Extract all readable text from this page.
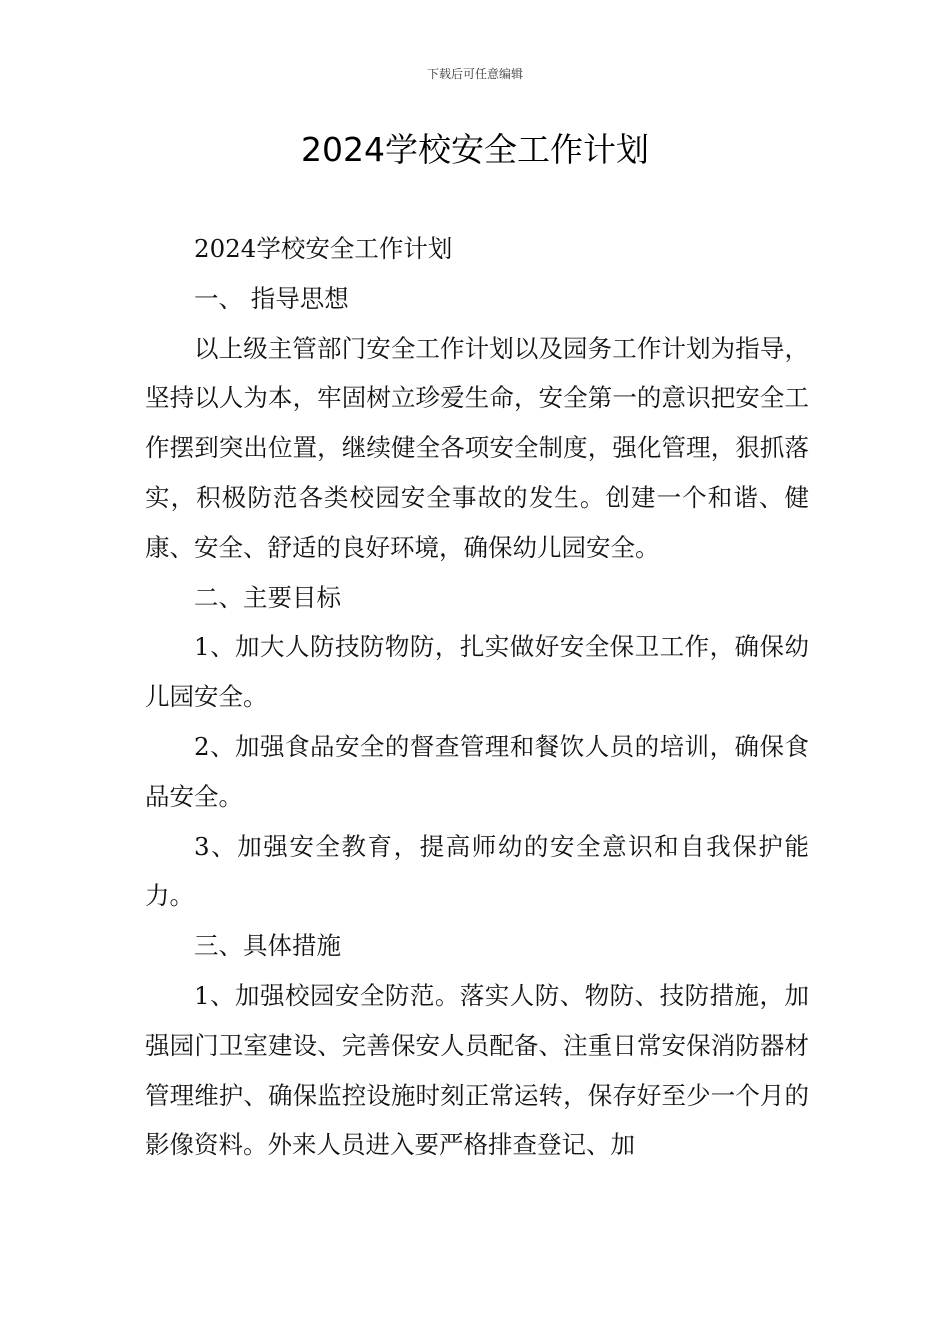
下载后可任意编辑
2024学校安全工作计划

2024学校安全工作计划

一、 指导思想

以上级主管部门安全工作计划以及园务工作计划为指导，坚持以人为本，牢固树立珍爱生命，安全第一的意识把安全工作摆到突出位置，继续健全各项安全制度，强化管理，狠抓落实，积极防范各类校园安全事故的发生。创建一个和谐、健康、安全、舒适的良好环境，确保幼儿园安全。

二、主要目标

1、加大人防技防物防，扎实做好安全保卫工作，确保幼儿园安全。

2、加强食品安全的督查管理和餐饮人员的培训，确保食品安全。

3、加强安全教育，提高师幼的安全意识和自我保护能力。

三、具体措施

1、加强校园安全防范。落实人防、物防、技防措施，加强园门卫室建设、完善保安人员配备、注重日常安保消防器材管理维护、确保监控设施时刻正常运转，保存好至少一个月的影像资料。外来人员进入要严格排查登记、加
